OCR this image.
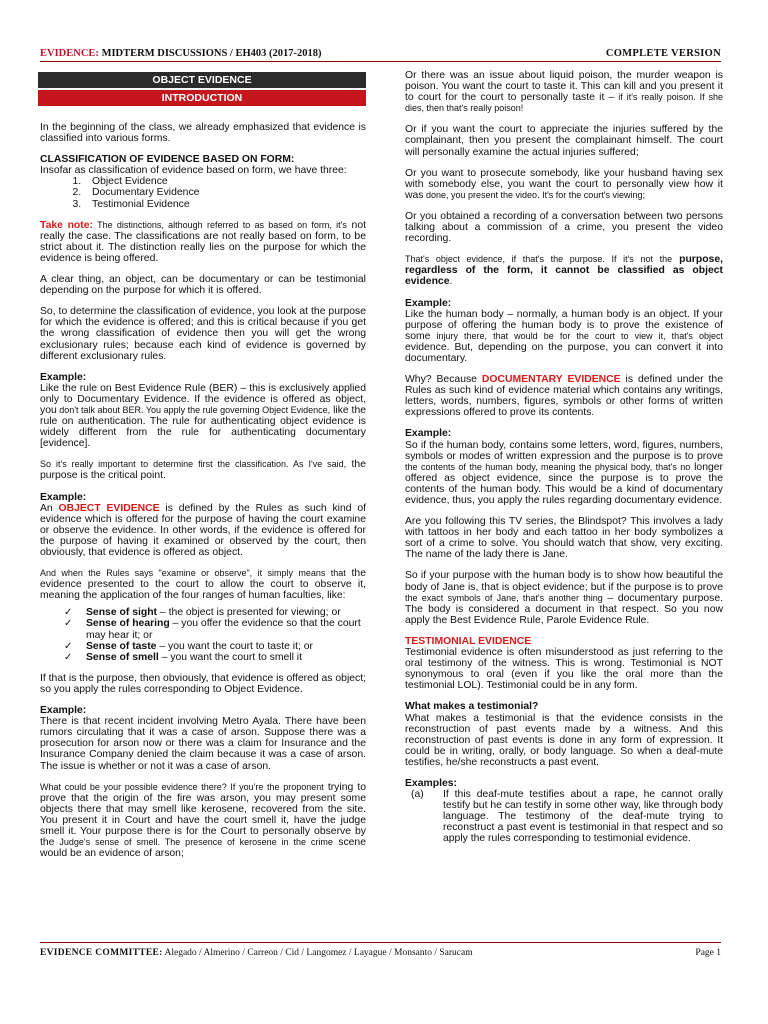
EVIDENCE: MIDTERM DISCUSSIONS / EH403 (2017-2018)	COMPLETE VERSION
OBJECT EVIDENCE
INTRODUCTION

In the beginning of the class, we already emphasized that evidence is classified into various forms.

CLASSIFICATION OF EVIDENCE BASED ON FORM:
Insofar as classification of evidence based on form, we have three:
1. Object Evidence
2. Documentary Evidence
3. Testimonial Evidence

Take note: The distinctions, although referred to as based on form, it's not really the case. The classifications are not really based on form, to be strict about it. The distinction really lies on the purpose for which the evidence is being offered.

A clear thing, an object, can be documentary or can be testimonial depending on the purpose for which it is offered.

So, to determine the classification of evidence, you look at the purpose for which the evidence is offered; and this is critical because if you get the wrong classification of evidence then you will get the wrong exclusionary rules; because each kind of evidence is governed by different exclusionary rules.

Example:

Like the rule on Best Evidence Rule (BER) – this is exclusively applied only to Documentary Evidence. If the evidence is offered as object, you don't talk about BER. You apply the rule governing Object Evidence, like the rule on authentication. The rule for authenticating object evidence is widely different from the rule for authenticating documentary [evidence].

So it's really important to determine first the classification. As I've said, the purpose is the critical point.

Example:

An OBJECT EVIDENCE is defined by the Rules as such kind of evidence which is offered for the purpose of having the court examine or observe the evidence. In other words, if the evidence is offered for the purpose of having it examined or observed by the court, then obviously, that evidence is offered as object.

And when the Rules says "examine or observe", it simply means that the evidence presented to the court to allow the court to observe it, meaning the application of the four ranges of human faculties, like:

✓ Sense of sight – the object is presented for viewing; or
✓ Sense of hearing – you offer the evidence so that the court may hear it; or
✓ Sense of taste – you want the court to taste it; or
✓ Sense of smell – you want the court to smell it

If that is the purpose, then obviously, that evidence is offered as object; so you apply the rules corresponding to Object Evidence.

Example:

There is that recent incident involving Metro Ayala. There have been rumors circulating that it was a case of arson. Suppose there was a prosecution for arson now or there was a claim for Insurance and the Insurance Company denied the claim because it was a case of arson. The issue is whether or not it was a case of arson.

What could be your possible evidence there? If you're the proponent trying to prove that the origin of the fire was arson, you may present some objects there that may smell like kerosene, recovered from the site. You present it in Court and have the court smell it, have the judge smell it. Your purpose there is for the Court to personally observe by the Judge's sense of smell. The presence of kerosene in the crime scene would be an evidence of arson;

Or there was an issue about liquid poison, the murder weapon is poison. You want the court to taste it. This can kill and you present it to court for the court to personally taste it – if it's really poison. If she dies, then that's really poison!

Or if you want the court to appreciate the injuries suffered by the complainant, then you present the complainant himself. The court will personally examine the actual injuries suffered;

Or you want to prosecute somebody, like your husband having sex with somebody else, you want the court to personally view how it was done, you present the video. It's for the court's viewing;

Or you obtained a recording of a conversation between two persons talking about a commission of a crime, you present the video recording.

That's object evidence, if that's the purpose. If it's not the purpose, regardless of the form, it cannot be classified as object evidence.

Example:

Like the human body – normally, a human body is an object. If your purpose of offering the human body is to prove the existence of some injury there, that would be for the court to view it, that's object evidence. But, depending on the purpose, you can convert it into documentary.

Why? Because DOCUMENTARY EVIDENCE is defined under the Rules as such kind of evidence material which contains any writings, letters, words, numbers, figures, symbols or other forms of written expressions offered to prove its contents.

Example:

So if the human body, contains some letters, word, figures, numbers, symbols or modes of written expression and the purpose is to prove the contents of the human body, meaning the physical body, that's no longer offered as object evidence, since the purpose is to prove the contents of the human body. This would be a kind of documentary evidence, thus, you apply the rules regarding documentary evidence.

Are you following this TV series, the Blindspot? This involves a lady with tattoos in her body and each tattoo in her body symbolizes a sort of a crime to solve. You should watch that show, very exciting. The name of the lady there is Jane.

So if your purpose with the human body is to show how beautiful the body of Jane is, that is object evidence; but if the purpose is to prove the exact symbols of Jane, that's another thing – documentary purpose. The body is considered a document in that respect. So you now apply the Best Evidence Rule, Parole Evidence Rule.

TESTIMONIAL EVIDENCE

Testimonial evidence is often misunderstood as just referring to the oral testimony of the witness. This is wrong. Testimonial is NOT synonymous to oral (even if you like the oral more than the testimonial LOL). Testimonial could be in any form.

What makes a testimonial?

What makes a testimonial is that the evidence consists in the reconstruction of past events made by a witness. And this reconstruction of past events is done in any form of expression. It could be in writing, orally, or body language. So when a deaf-mute testifies, he/she reconstructs a past event.

Examples:
(a) If this deaf-mute testifies about a rape, he cannot orally testify but he can testify in some other way, like through body language. The testimony of the deaf-mute trying to reconstruct a past event is testimonial in that respect and so apply the rules corresponding to testimonial evidence.
EVIDENCE COMMITTEE: Alegado / Almerino / Carreon / Cid / Langomez / Layague / Monsanto / Sarucam	Page 1
